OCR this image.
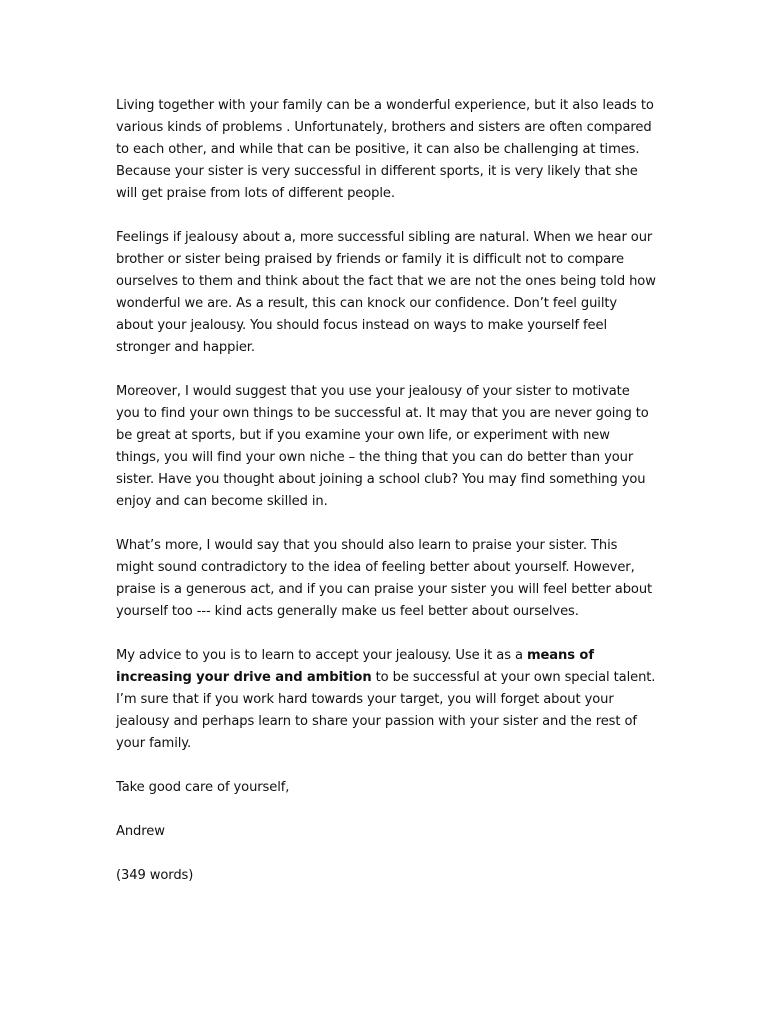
Living together with your family can be a wonderful experience, but it also leads to various kinds of problems . Unfortunately, brothers and sisters are often compared to each other, and while that can be positive, it can also be challenging at times. Because your sister is very successful in different sports, it is very likely that she will get praise from lots of different people.

Feelings if jealousy about a, more successful sibling are natural. When we hear our brother or sister being praised by friends or family it is difficult not to compare ourselves to them and think about the fact that we are not the ones being told how wonderful we are. As a result, this can knock our confidence. Don’t feel guilty about your jealousy. You should focus instead on ways to make yourself feel stronger and happier.

Moreover, I would suggest that you use your jealousy of your sister to motivate you to find your own things to be successful at. It may that you are never going to be great at sports, but if you examine your own life, or experiment with new things, you will find your own niche – the thing that you can do better than your sister. Have you thought about joining a school club? You may find something you enjoy and can become skilled in.

What’s more, I would say that you should also learn to praise your sister. This might sound contradictory to the idea of feeling better about yourself. However, praise is a generous act, and if you can praise your sister you will feel better about yourself too --- kind acts generally make us feel better about ourselves.

My advice to you is to learn to accept your jealousy. Use it as a means of increasing your drive and ambition to be successful at your own special talent. I’m sure that if you work hard towards your target, you will forget about your jealousy and perhaps learn to share your passion with your sister and the rest of your family.

Take good care of yourself,

Andrew

(349 words)
